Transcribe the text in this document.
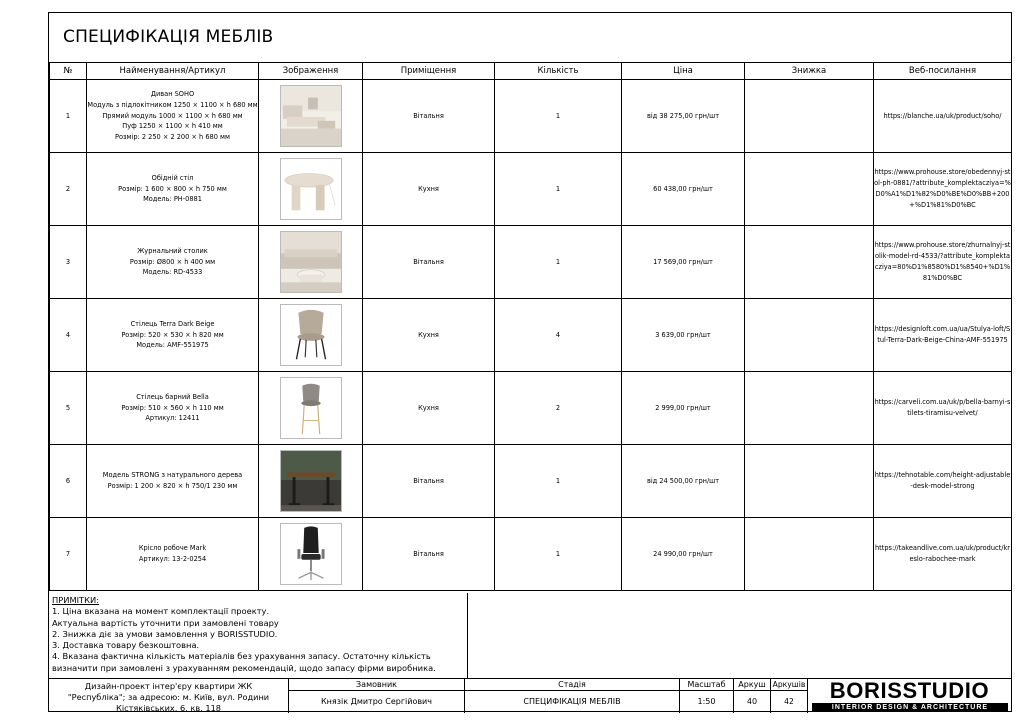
СПЕЦИФІКАЦІЯ МЕБЛІВ
№	Найменування/Артикул	Зображення	Приміщення	Кількість	Ціна	Знижка	Веб-посилання
1	Диван SOHO
Модуль з підлокітником 1250 × 1100 × h 680 мм
Прямий модуль 1000 × 1100 × h 680 мм
Пуф 1250 × 1100 × h 410 мм
Розмір: 2 250 × 2 200 × h 680 мм		Вітальня	1	від 38 275,00 грн/шт		https://blanche.ua/uk/product/soho/
2	Обідній стіл
Розмір: 1 600 × 800 × h 750 мм
Модель: PH-0881		Кухня	1	60 438,00 грн/шт		https://www.prohouse.store/obedennyj-stol-ph-0881/?attribute_komplektacziya=%D0%A1%D1%82%D0%BE%D0%BB+200+%D1%81%D0%BC
3	Журнальний столик
Розмір: Ø800 × h 400 мм
Модель: RD-4533		Вітальня	1	17 569,00 грн/шт		https://www.prohouse.store/zhurnalnyj-stolik-model-rd-4533/?attribute_komplektacziya=80%D1%8580%D1%8540+%D1%81%D0%BC
4	Стілець Terra Dark Beige
Розмір: 520 × 530 × h 820 мм
Модель: AMF-551975		Кухня	4	3 639,00 грн/шт		https://designloft.com.ua/ua/Stulya-loft/Stul-Terra-Dark-Beige-China-AMF-551975
5	Стілець барний Bella
Розмір: 510 × 560 × h 110 мм
Артикул: 12411		Кухня	2	2 999,00 грн/шт		https://carveli.com.ua/uk/p/bella-barnyi-stilets-tiramisu-velvet/
6	Модель STRONG з натурального дерева
Розмір: 1 200 × 820 × h 750/1 230 мм		Вітальня	1	від 24 500,00 грн/шт		https://tehnotable.com/height-adjustable-desk-model-strong
7	Крісло робоче Mark
Артикул: 13-2-0254		Вітальня	1	24 990,00 грн/шт		https://takeandlive.com.ua/uk/product/kreslo-rabochee-mark
ПРИМІТКИ:
1. Ціна вказана на момент комплектації проекту.
Актуальна вартість уточнити при замовлені товару
2. Знижка діє за умови замовлення у BORISSTUDIO.
3. Доставка товару безкоштовна.
4. Вказана фактична кількість матеріалів без урахування запасу. Остаточну кількість
визначити при замовлені з урахуванням рекомендацій, щодо запасу фірми виробника.
Дизайн-проект інтер'єру квартири ЖК "Республіка"; за адресою: м. Київ, вул. Родини Кістяківських, 6, кв. 118
Замовник
Князік Дмитро Сергійович
Стадія
СПЕЦИФІКАЦІЯ МЕБЛІВ
Масштаб
1:50
Аркуш
40
Аркушів
42	BORISSTUDIO
INTERIOR DESIGN & ARCHITECTURE
